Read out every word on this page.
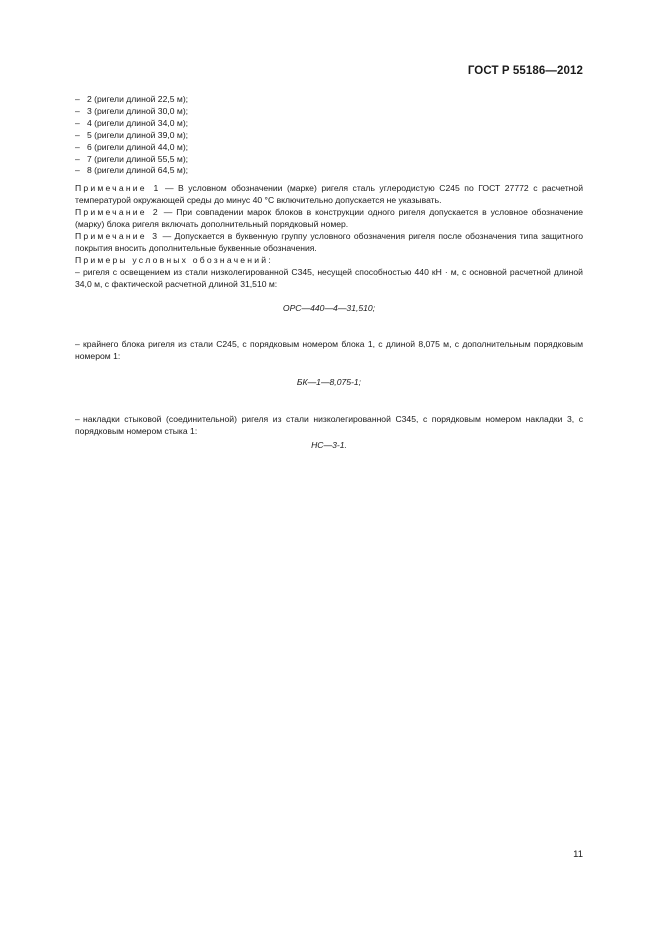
ГОСТ Р 55186—2012
– 2 (ригели длиной 22,5 м);
– 3 (ригели длиной 30,0 м);
– 4 (ригели длиной 34,0 м);
– 5 (ригели длиной 39,0 м);
– 6 (ригели длиной 44,0 м);
– 7 (ригели длиной 55,5 м);
– 8 (ригели длиной 64,5 м);
Примечание 1 — В условном обозначении (марке) ригеля сталь углеродистую С245 по ГОСТ 27772 с расчетной температурой окружающей среды до минус 40 °С включительно допускается не указывать.
Примечание 2 — При совпадении марок блоков в конструкции одного ригеля допускается в условное обозначение (марку) блока ригеля включать дополнительный порядковый номер.
Примечание 3 — Допускается в буквенную группу условного обозначения ригеля после обозначения типа защитного покрытия вносить дополнительные буквенные обозначения.
Примеры условных обозначений:
– ригеля с освещением из стали низколегированной С345, несущей способностью 440 кН · м, с основной расчетной длиной 34,0 м, с фактической расчетной длиной 31,510 м:
ОРС—440—4—31,510;
– крайнего блока ригеля из стали С245, с порядковым номером блока 1, с длиной 8,075 м, с дополнительным порядковым номером 1:
БК—1—8,075-1;
– накладки стыковой (соединительной) ригеля из стали низколегированной С345, с порядковым номером накладки 3, с порядковым номером стыка 1:
НС—3-1.
11
